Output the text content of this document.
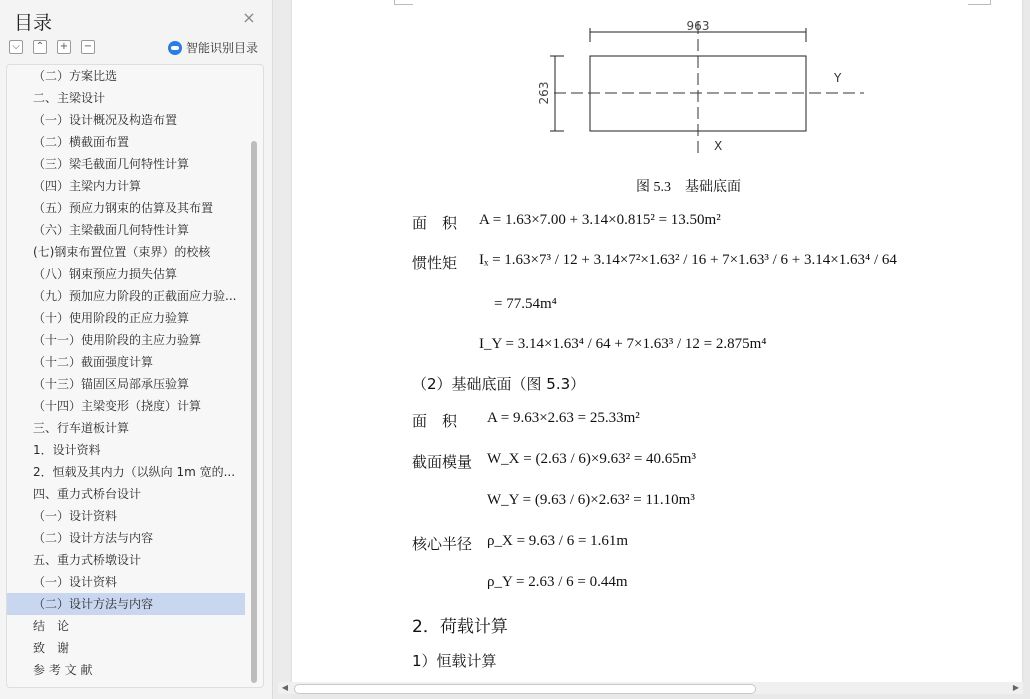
目录	×
⌵	⌃ + −	智能识别目录
（二）方案比选
二、主梁设计
（一）设计概况及构造布置
（二）横截面布置
（三）梁毛截面几何特性计算
（四）主梁内力计算
（五）预应力钢束的估算及其布置
（六）主梁截面几何特性计算
(七)钢束布置位置（束界）的校核
（八）钢束预应力损失估算
（九）预加应力阶段的正截面应力验...
（十）使用阶段的正应力验算
（十一）使用阶段的主应力验算
（十二）截面强度计算
（十三）锚固区局部承压验算
（十四）主梁变形（挠度）计算
三、行车道板计算
1．设计资料
2．恒载及其内力（以纵向 1m 宽的...
四、重力式桥台设计
（一）设计资料
（二）设计方法与内容
五、重力式桥墩设计
（一）设计资料
（二）设计方法与内容
结　论
致　谢
参 考 文 献
963
263
Y
X
图 5.3　基础底面
面　积 A = 1.63×7.00 + 3.14×0.815² = 13.50m²
惯性矩 Iₓ = 1.63×7³ / 12 + 3.14×7²×1.63² / 16 + 7×1.63³ / 6 + 3.14×1.63⁴ / 64
= 77.54m⁴
I_Y = 3.14×1.63⁴ / 64 + 7×1.63³ / 12 = 2.875m⁴
（2）基础底面（图 5.3）
面　积 A = 9.63×2.63 = 25.33m²
截面模量 W_X = (2.63 / 6)×9.63² = 40.65m³
W_Y = (9.63 / 6)×2.63² = 11.10m³
核心半径 ρ_X = 9.63 / 6 = 1.61m
ρ_Y = 2.63 / 6 = 0.44m
2．荷载计算
1）恒载计算
◀	▶
